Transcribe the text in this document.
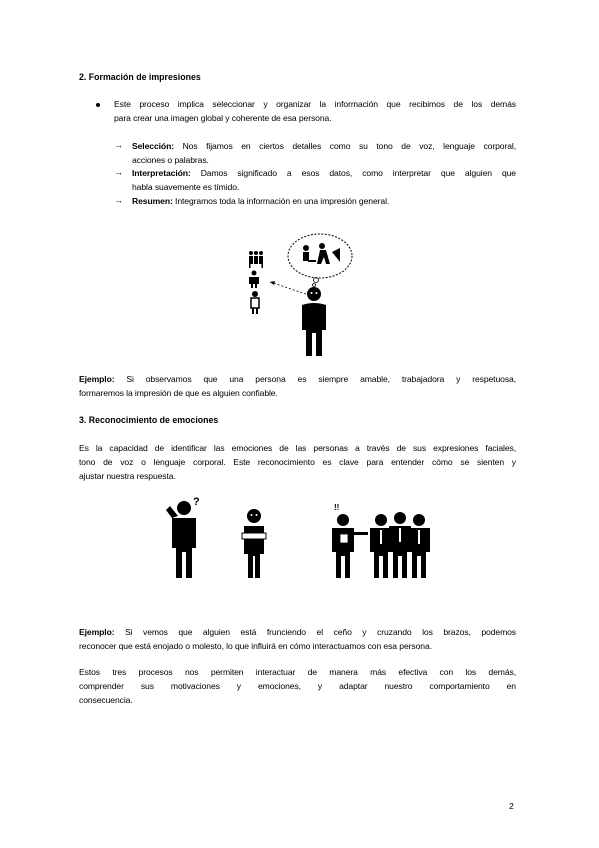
2. Formación de impresiones
Este proceso implica seleccionar y organizar la información que recibimos de los demás
para crear una imagen global y coherente de esa persona.
→ Selección: Nos fijamos en ciertos detalles como su tono de voz, lenguaje corporal,
acciones o palabras.
→ Interpretación: Damos significado a esos datos, como interpretar que alguien que
habla suavemente es tímido.
→ Resumen: Integramos toda la información en una impresión general.
Ejemplo: Si observamos que una persona es siempre amable, trabajadora y respetuosa,
formaremos la impresión de que es alguien confiable.
3. Reconocimiento de emociones
Es la capacidad de identificar las emociones de las personas a través de sus expresiones faciales,
tono de voz o lenguaje corporal. Este reconocimiento es clave para entender cómo se sienten y
ajustar nuestra respuesta.
?	!!
Ejemplo: Si vemos que alguien está frunciendo el ceño y cruzando los brazos, podemos
reconocer que está enojado o molesto, lo que influirá en cómo interactuamos con esa persona.
Estos tres procesos nos permiten interactuar de manera más efectiva con los demás,
comprender sus motivaciones y emociones, y adaptar nuestro comportamiento en
consecuencia.
2
